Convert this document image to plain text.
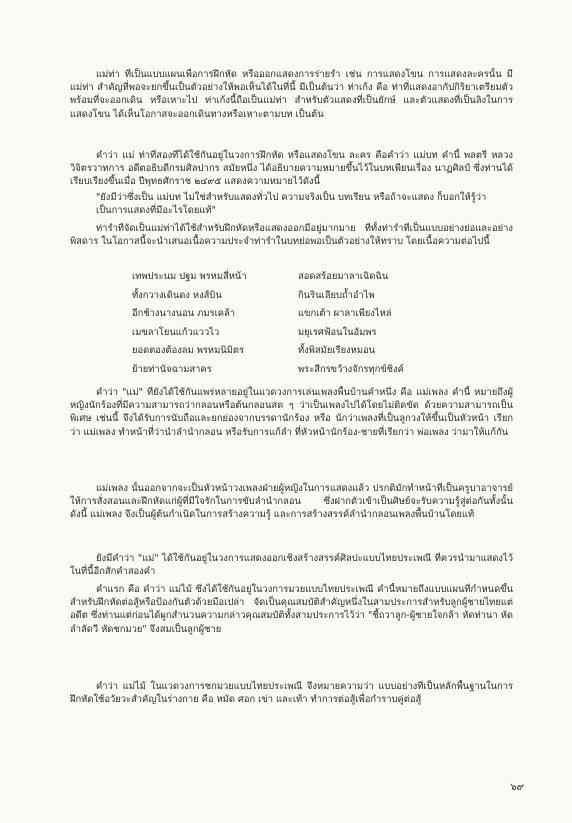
แม่ท่า ที่เป็นแบบแผนเพื่อการฝึกหัด หรือออกแสดงการร่ายรำ เช่น การแสดงโขน การแสดงละครนั้น มี แม่ท่า สำคัญที่พอจะยกขึ้นเป็นตัวอย่างให้พอเห็นได้ในที่นี้ มีเป็นต้นว่า ท่าเก้ง คือ ท่าที่แสดงอากัปกิริยาเตรียมตัวพร้อมที่จะออกเดิน หรือเหาะไป ท่าเก้งนี้ถือเป็นแม่ท่า สำหรับตัวแสดงที่เป็นยักษ์ และตัวแสดงที่เป็นลิงในการแสดงโขน ได้เห็นโอกาสจะออกเดินทางหรือเหาะตามบท เป็นต้น
คำว่า แม่ ท่าที่สองที่ได้ใช้กันอยู่ในวงการฝึกหัด หรือแสดงโขน ละคร คือคำว่า แม่บท คำนี้ พลตรี หลวงวิจิตรวาทการ อดีตอธิบดีกรมศิลปากร สมัยหนึ่ง ได้อธิบายความหมายขึ้นไว้ในบทเพียนเรื่อง นาฏศิลป์ ซึ่งท่านได้เรียบเรียงขึ้นเมื่อ ปีพุทธศักราช ๒๔๙๕ แสดงความหมายไว้ดังนี้
"ยังมีว่าซึ่งเป็น แม่บท ไม่ใช่สำหรับแสดงทั่วไป ความจริงเป็น บทเรียน หรือถ้าจะแสดง ก็บอกให้รู้ว่า เป็นการแสดงที่มีอะไรโดยแท้"
ท่ารำที่จัดเป็นแม่ท่าได้ใช้สำหรับฝึกหัดหรือแสดงออกมีอยู่มากมาย ที่ทั้งท่ารำที่เป็นแบบอย่างย่อและอย่างพิสดาร ในโอกาสนี้จะนำเสนอเนื้อความประจำท่ารำในบทย่อพอเป็นตัวอย่างให้ทราบ โดยเนื้อความต่อไปนี้
เทพประนม ปฐม พรหมสี่หน้า	สอดสร้อยมาลาเฉิดฉิน
ทั้งกวางเดินดง หงส์บิน	กินรินเลียบถ้ำอำไพ
อีกช้างนางนอน ภมรเคล้า	แขกเต้า ผาลาเพียงไหล่
เมขลาโยนแก้วแววไว	มยุเรศฟ้อนในอัมพร
ยอดตองต้องลม พรหมนิมิตร	ทั้งพิสมัยเรียงหมอน
ย้ายท่านัจฉามสาคร	พระสีกรขว้างจักรทุกข์ชิงค์
คำว่า "แม่" ที่ยังได้ใช้กันแพร่หลายอยู่ในแวดวงการเล่นเพลงพื้นบ้านคำหนึ่ง คือ แม่เพลง คำนี้ หมายถึงผู้หญิงนักร้องที่มีความสามารถว่ากลอนหรือต้นกลอนสด ๆ ว่าเป็นเพลงไปได้โดยไม่ติดขัด ด้วยความสามารถเป็นพิเศษ เช่นนี้ จึงได้รับการนับถือและยกย่องจากบรรดานักร้อง หรือ นักว่าเพลงที่เป็นลูกวงให้ขึ้นเป็นหัวหน้า เรียกว่า แม่เพลง ทำหน้าที่ว่านำลำนำกลอน หรือรับการแก้ลำ ที่หัวหน้านักร้อง-ชายที่เรียกว่า พ่อเพลง ว่ามาให้แก้กัน
แม่เพลง นั้นออกจากจะเป็นหัวหน้าวงเพลงฝ่ายผู้หญิงในการแสดงแล้ว ปรกติมักทำหน้าที่เป็นครูบาอาจารย์ให้การสั่งสอนและฝึกหัดแก่ผู้ที่มีใจรักในการขับลำนำกลอน ซึ่งฝากตัวเข้าเป็นศิษย์จะรับความรู้สู่ต่อกันทั้งนั้น ดังนี้ แม่เพลง จึงเป็นผู้ต้นกำเนิดในการสร้างความรู้ และการสร้างสรรค์ลำนำกลอนเพลงพื้นบ้านโดยแท้
ยังมีคำว่า "แม่" ได้ใช้กันอยู่ในวงการแสดงออกเชิงสร้างสรรค์ศิลปะแบบไทยประเพณี ที่ควรนำมาแสดงไว้ในที่นี้อีกสักคำสองคำ
คำแรก คือ คำว่า แม่ไม้ ซึ่งได้ใช้กันอยู่ในวงการมวยแบบไทยประเพณี คำนี้หมายถึงแบบแผนที่กำหนดขึ้นสำหรับฝึกหัดต่อสู้หรือป้องกันตัวด้วยมือเปล่า จัดเป็นคุณสมบัติสำคัญหนึ่งในสามประการสำหรับลูกผู้ชายไทยแต่อดีต ซึ่งท่านแต่ก่อนได้ผูกสำนวนความกล่าวคุณสมบัติทั้งสามประการไว้ว่า "ชี้ถวาลูก-ผู้ชายใจกล้า หัดท่านา หัดลำลัดวี หัดชกมวย" จึงสมเป็นลูกผู้ชาย
คำว่า แม่ไม้ ในแวดวงการชกมวยแบบไทยประเพณี จึงหมายความว่า แบบอย่างที่เป็นหลักพื้นฐานในการฝึกหัดใช้อวัยวะสำคัญในร่างกาย คือ หมัด ศอก เข่า และเท้า ทำการต่อสู้เพื่อกำราบคู่ต่อสู้
๖๙
